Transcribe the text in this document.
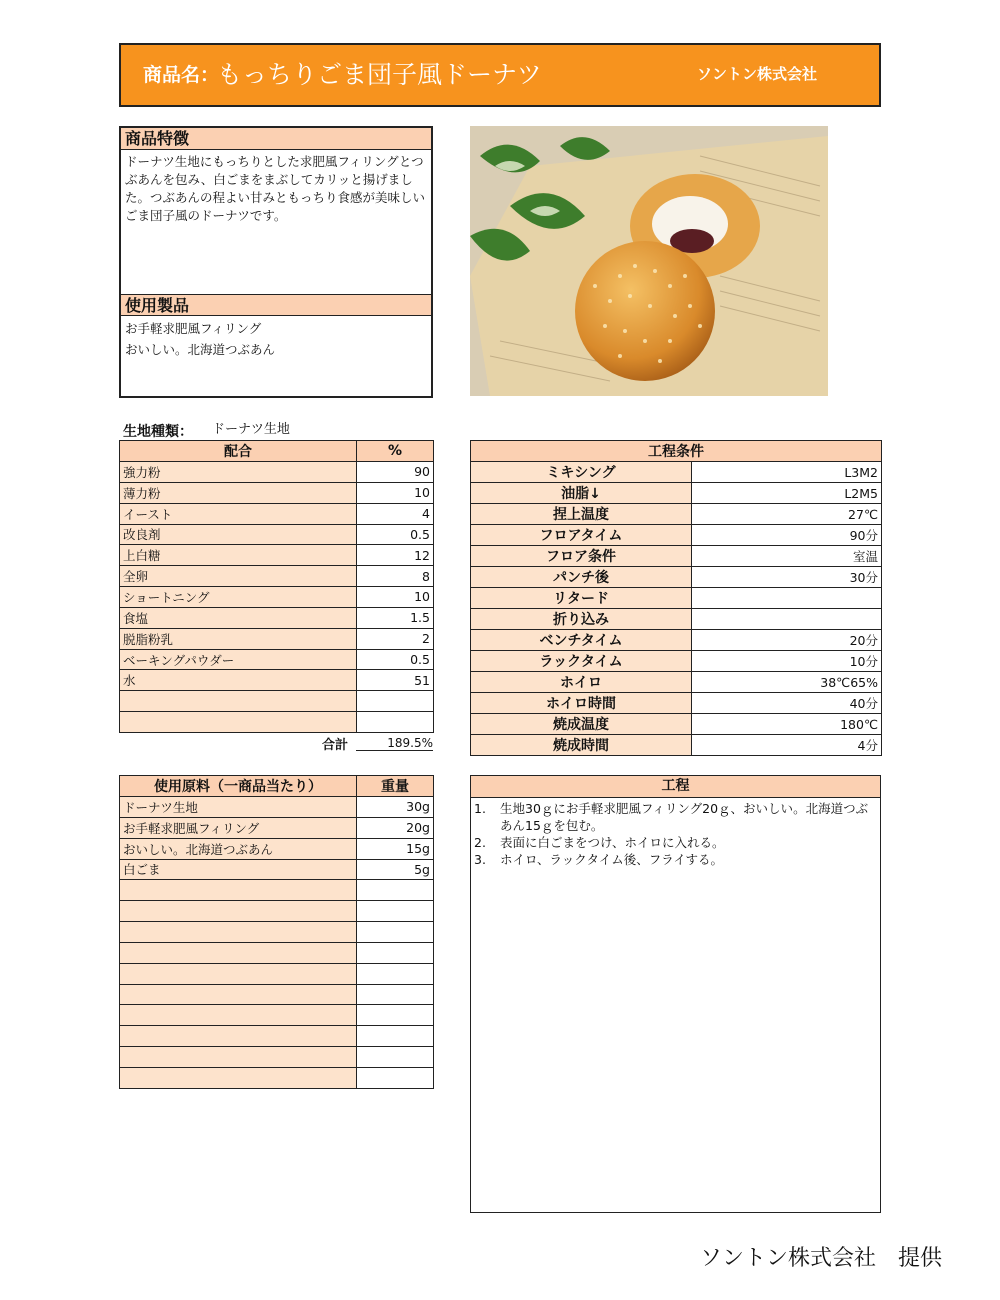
商品名：
もっちりごま団子風ドーナツ	ソントン株式会社
商品特徴
ドーナツ生地にもっちりとした求肥風フィリングとつぶあんを包み、白ごまをまぶしてカリッと揚げました。つぶあんの程よい甘みともっちり食感が美味しいごま団子風のドーナツです。
使用製品
お手軽求肥風フィリング
おいしい。北海道つぶあん
生地種類： ドーナツ生地
配合	%
強力粉	90
薄力粉	10
イースト	4
改良剤	0.5
上白糖	12
全卵	8
ショートニング	10
食塩	1.5
脱脂粉乳	2
ベーキングパウダー	0.5
水	51

合計	189.5%
工程条件	
ミキシング	L3M2
油脂↓	L2M5
捏上温度	27℃
フロアタイム	90分
フロア条件	室温
パンチ後	30分
リタード	
折り込み	
ベンチタイム	20分
ラックタイム	10分
ホイロ	38℃65%
ホイロ時間	40分
焼成温度	180℃
焼成時間	4分
使用原料（一商品当たり）	重量
ドーナツ生地	30g
お手軽求肥風フィリング	20g
おいしい。北海道つぶあん	15g
白ごま	5g

工程
1.	生地30ｇにお手軽求肥風フィリング20ｇ、おいしい。北海道つぶあん15ｇを包む。
2.	表面に白ごまをつけ、ホイロに入れる。
3.	ホイロ、ラックタイム後、フライする。
ソントン株式会社　提供
